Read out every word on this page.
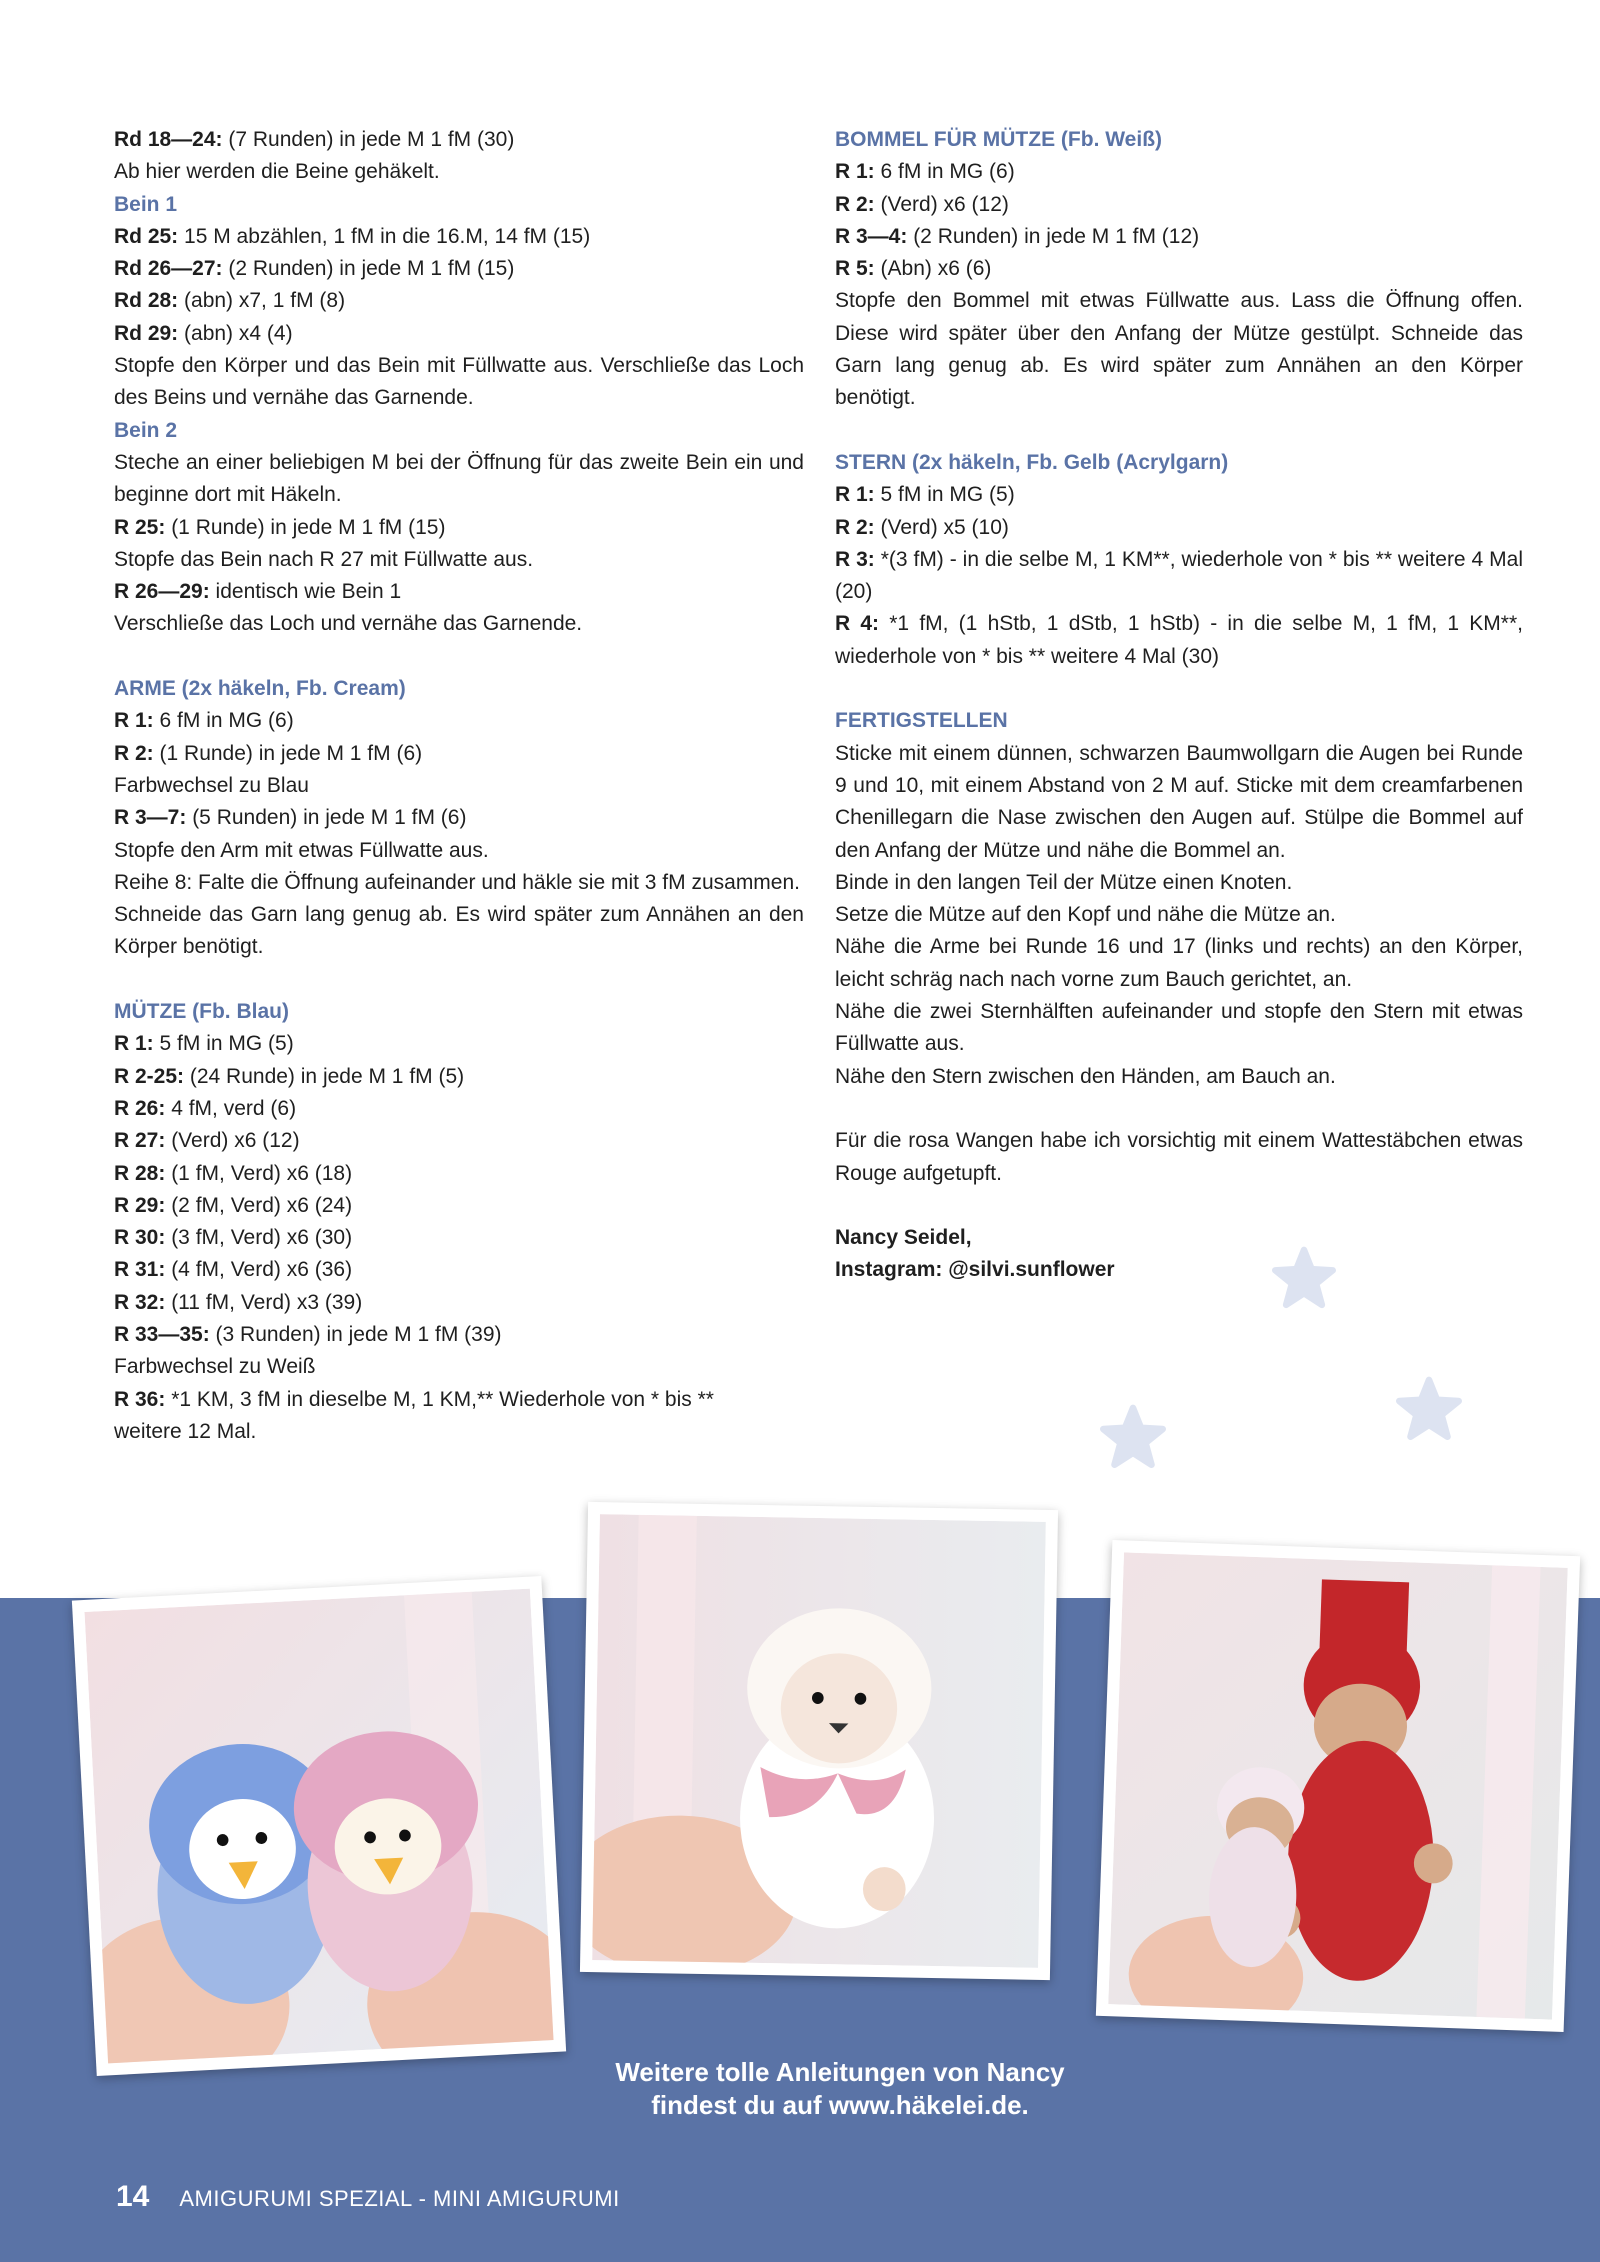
Rd 18—24: (7 Runden) in jede M 1 fM (30)
Ab hier werden die Beine gehäkelt.
Bein 1
Rd 25: 15 M abzählen, 1 fM in die 16.M, 14 fM (15)
Rd 26—27: (2 Runden) in jede M 1 fM (15)
Rd 28: (abn) x7, 1 fM (8)
Rd 29: (abn) x4 (4)
Stopfe den Körper und das Bein mit Füllwatte aus. Verschließe das Loch des Beins und vernähe das Garnende.
Bein 2
Steche an einer beliebigen M bei der Öffnung für das zweite Bein ein und beginne dort mit Häkeln.
R 25: (1 Runde) in jede M 1 fM (15)
Stopfe das Bein nach R 27 mit Füllwatte aus.
R 26—29: identisch wie Bein 1
Verschließe das Loch und vernähe das Garnende.
ARME (2x häkeln, Fb. Cream)
R 1: 6 fM in MG (6)
R 2: (1 Runde) in jede M 1 fM (6)
Farbwechsel zu Blau
R 3—7: (5 Runden) in jede M 1 fM (6)
Stopfe den Arm mit etwas Füllwatte aus.
Reihe 8: Falte die Öffnung aufeinander und häkle sie mit 3 fM zusammen.
Schneide das Garn lang genug ab. Es wird später zum Annähen an den Körper benötigt.
MÜTZE (Fb. Blau)
R 1: 5 fM in MG (5)
R 2-25: (24 Runde) in jede M 1 fM (5)
R 26: 4 fM, verd (6)
R 27: (Verd) x6 (12)
R 28: (1 fM, Verd) x6 (18)
R 29: (2 fM, Verd) x6 (24)
R 30: (3 fM, Verd) x6 (30)
R 31: (4 fM, Verd) x6 (36)
R 32: (11 fM, Verd) x3 (39)
R 33—35: (3 Runden) in jede M 1 fM (39)
Farbwechsel zu Weiß
R 36: *1 KM, 3 fM in dieselbe M, 1 KM,** Wiederhole von * bis **
weitere 12 Mal.
BOMMEL FÜR MÜTZE (Fb. Weiß)
R 1: 6 fM in MG (6)
R 2: (Verd) x6 (12)
R 3—4: (2 Runden) in jede M 1 fM (12)
R 5: (Abn) x6 (6)
Stopfe den Bommel mit etwas Füllwatte aus. Lass die Öffnung offen. Diese wird später über den Anfang der Mütze gestülpt. Schneide das Garn lang genug ab. Es wird später zum Annähen an den Körper benötigt.
STERN (2x häkeln, Fb. Gelb (Acrylgarn)
R 1: 5 fM in MG (5)
R 2: (Verd) x5 (10)
R 3: *(3 fM) - in die selbe M, 1 KM**, wiederhole von * bis ** weitere 4 Mal (20)
R 4: *1 fM, (1 hStb, 1 dStb, 1 hStb) - in die selbe M, 1 fM, 1 KM**, wiederhole von * bis ** weitere 4 Mal (30)
FERTIGSTELLEN
Sticke mit einem dünnen, schwarzen Baumwollgarn die Augen bei Runde 9 und 10, mit einem Abstand von 2 M auf. Sticke mit dem creamfarbenen Chenillegarn die Nase zwischen den Augen auf. Stülpe die Bommel auf den Anfang der Mütze und nähe die Bommel an.
Binde in den langen Teil der Mütze einen Knoten.
Setze die Mütze auf den Kopf und nähe die Mütze an.
Nähe die Arme bei Runde 16 und 17 (links und rechts) an den Körper, leicht schräg nach nach vorne zum Bauch gerichtet, an.
Nähe die zwei Sternhälften aufeinander und stopfe den Stern mit etwas Füllwatte aus.
Nähe den Stern zwischen den Händen, am Bauch an.
Für die rosa Wangen habe ich vorsichtig mit einem Wattestäbchen etwas Rouge aufgetupft.
Nancy Seidel,
Instagram: @silvi.sunflower
Weitere tolle Anleitungen von Nancy
findest du auf www.häkelei.de.
14 AMIGURUMI SPEZIAL - MINI AMIGURUMI
